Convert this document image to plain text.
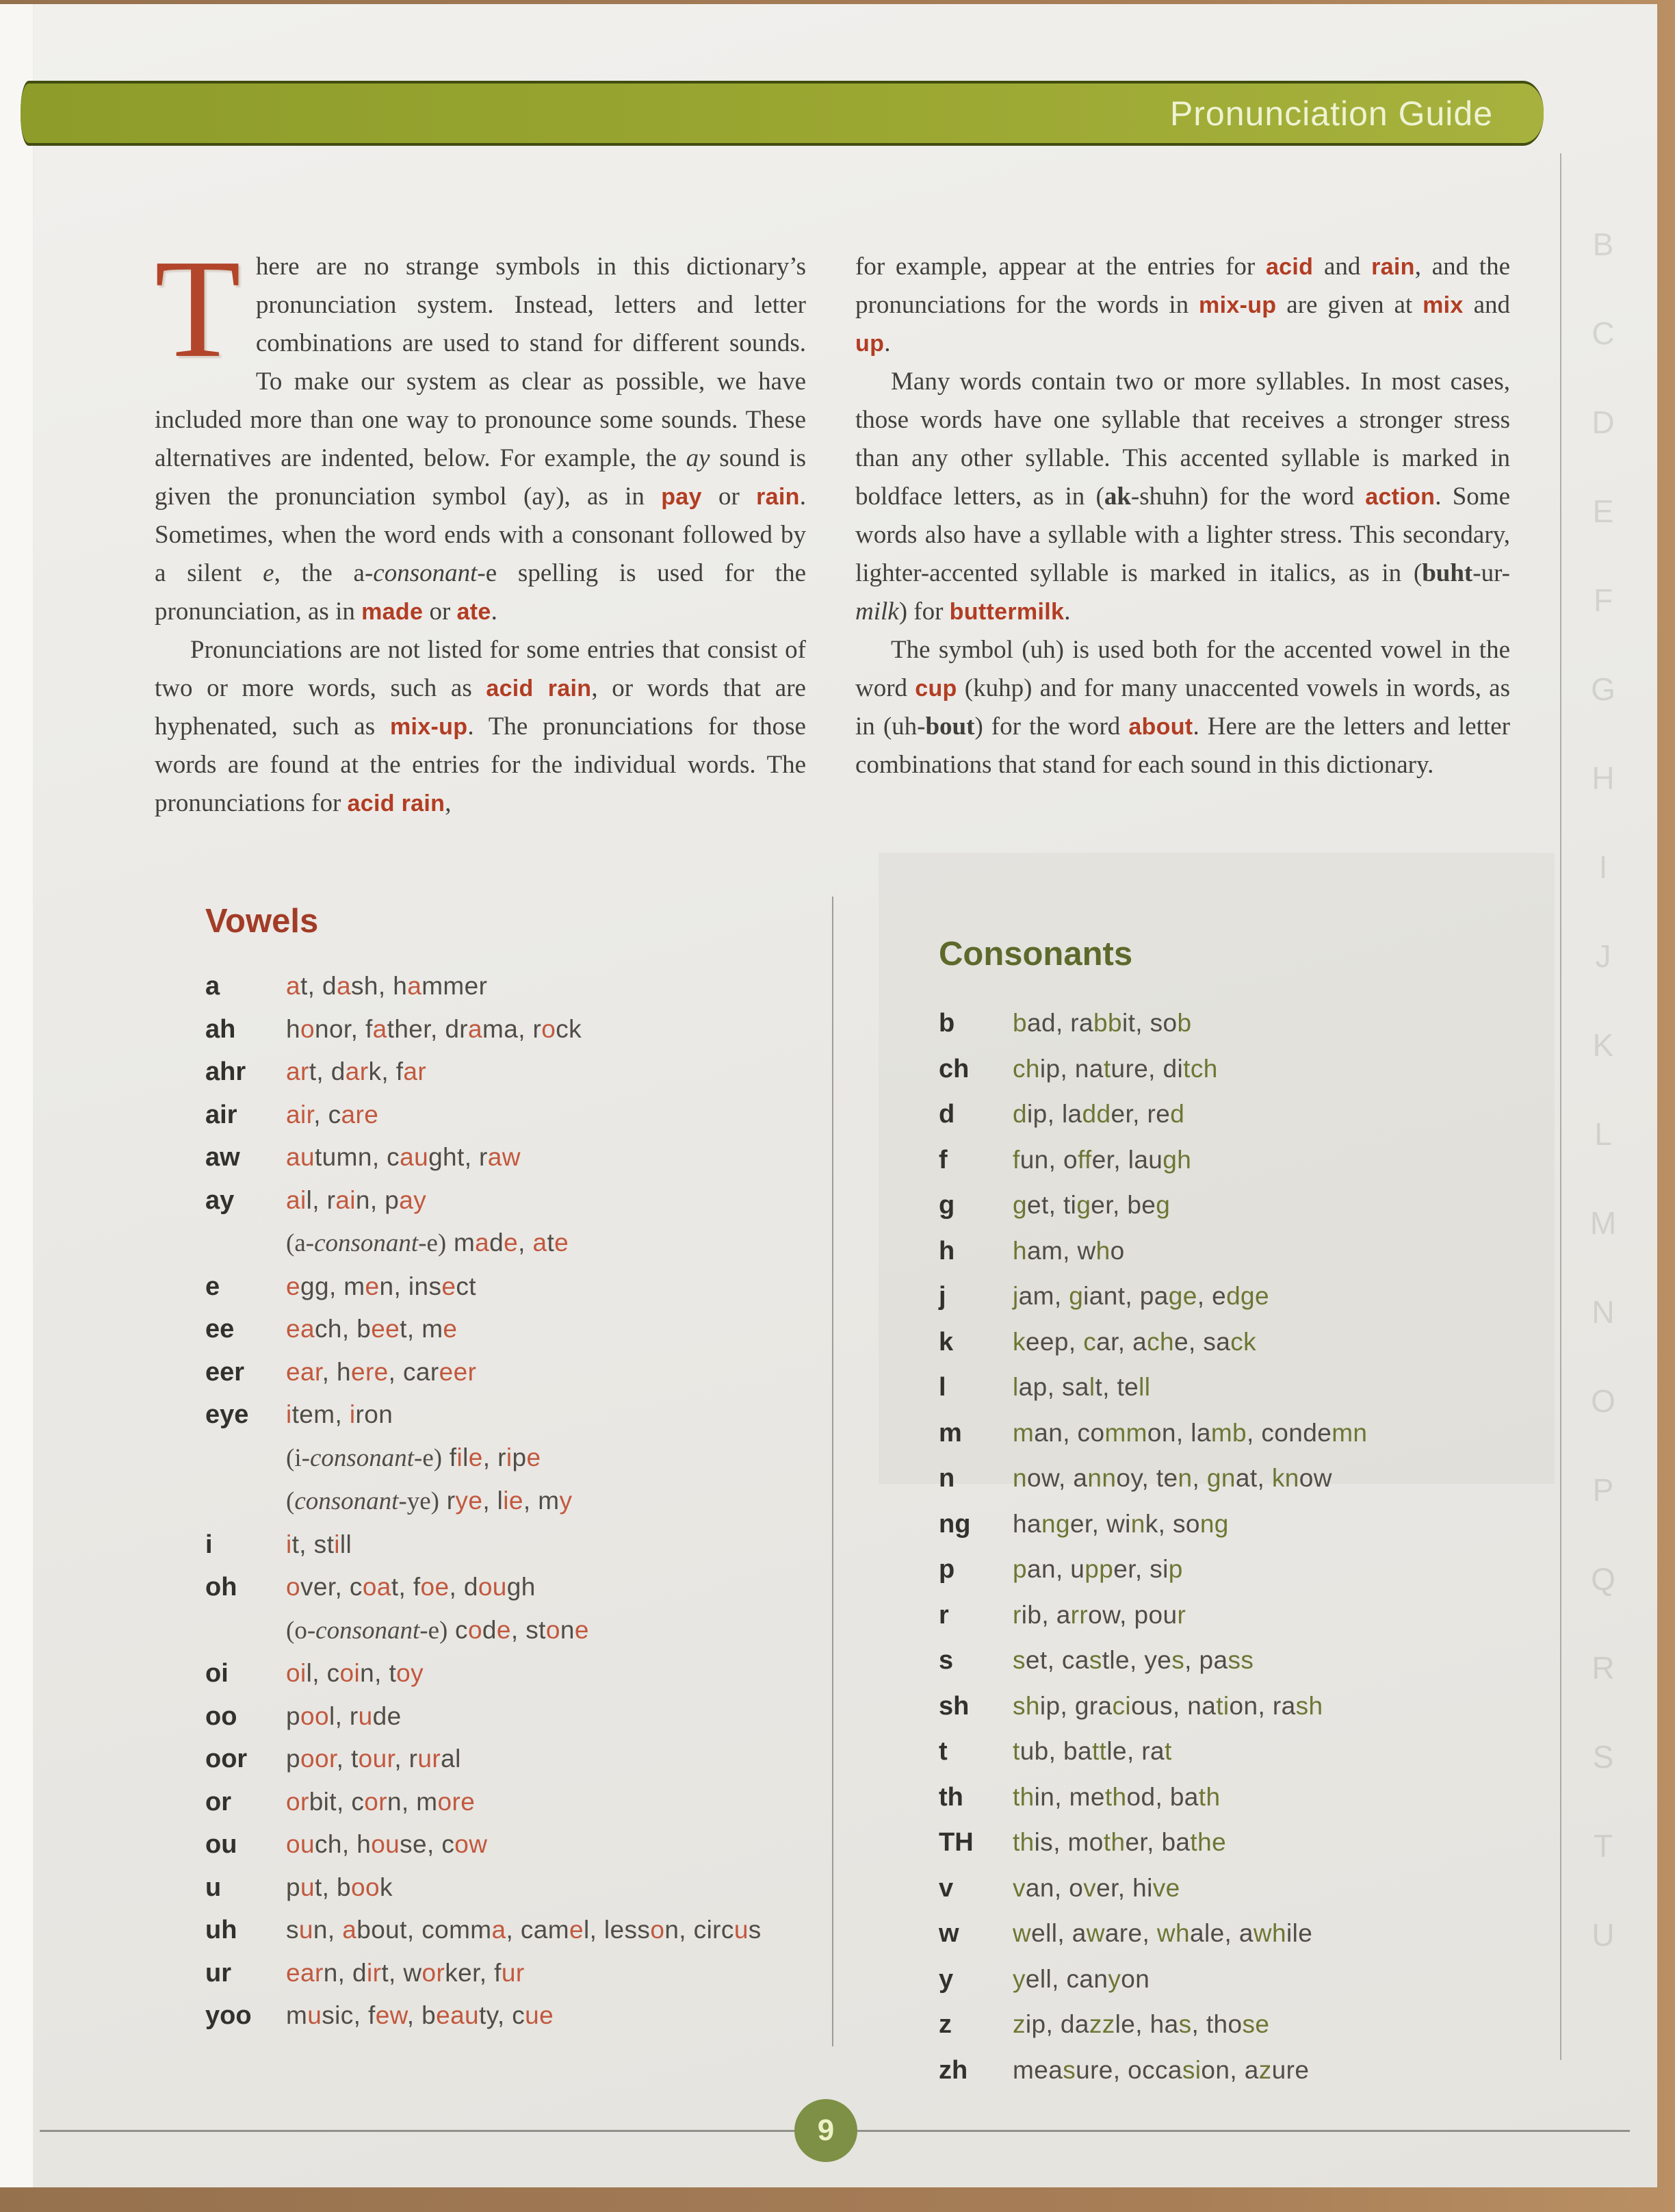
Pronunciation Guide

There are no strange symbols in this dictionary’s pronunciation system. Instead, letters and letter combinations are used to stand for different sounds. To make our system as clear as possible, we have included more than one way to pronounce some sounds. These alternatives are indented, below. For example, the ay sound is given the pronunciation symbol (ay), as in pay or rain. Sometimes, when the word ends with a consonant followed by a silent e, the a-consonant-e spelling is used for the pronunciation, as in made or ate.

Pronunciations are not listed for some entries that consist of two or more words, such as acid rain, or words that are hyphenated, such as mix-up. The pronunciations for those words are found at the entries for the individual words. The pronunciations for acid rain,

for example, appear at the entries for acid and rain, and the pronunciations for the words in mix-up are given at mix and up.

Many words contain two or more syllables. In most cases, those words have one syllable that receives a stronger stress than any other syllable. This accented syllable is marked in boldface letters, as in (ak-shuhn) for the word action. Some words also have a syllable with a lighter stress. This secondary, lighter-accented syllable is marked in italics, as in (buht-ur-milk) for buttermilk.

The symbol (uh) is used both for the accented vowel in the word cup (kuhp) and for many unaccented vowels in words, as in (uh-bout) for the word about. Here are the letters and letter combinations that stand for each sound in this dictionary.

Vowels
a	at, dash, hammer
ah	honor, father, drama, rock
ahr	art, dark, far
air	air, care
aw	autumn, caught, raw
ay	ail, rain, pay
(a-consonant-e) made, ate
e	egg, men, insect
ee	each, beet, me
eer	ear, here, career
eye	item, iron
(i-consonant-e) file, ripe
(consonant-ye) rye, lie, my
i	it, still
oh	over, coat, foe, dough
(o-consonant-e) code, stone
oi	oil, coin, toy
oo	pool, rude
oor	poor, tour, rural
or	orbit, corn, more
ou	ouch, house, cow
u	put, book
uh	sun, about, comma, camel, lesson, circus
ur	earn, dirt, worker, fur
yoo	music, few, beauty, cue
Consonants
b	bad, rabbit, sob
ch	chip, nature, ditch
d	dip, ladder, red
f	fun, offer, laugh
g	get, tiger, beg
h	ham, who
j	jam, giant, page, edge
k	keep, car, ache, sack
l	lap, salt, tell
m	man, common, lamb, condemn
n	now, annoy, ten, gnat, know
ng	hanger, wink, song
p	pan, upper, sip
r	rib, arrow, pour
s	set, castle, yes, pass
sh	ship, gracious, nation, rash
t	tub, battle, rat
th	thin, method, bath
TH	this, mother, bathe
v	van, over, hive
w	well, aware, whale, awhile
y	yell, canyon
z	zip, dazzle, has, those
zh	measure, occasion, azure
B
C
D
E
F
G
H
I
J
K
L
M
N
O
P
Q
R
S
T
U
9
